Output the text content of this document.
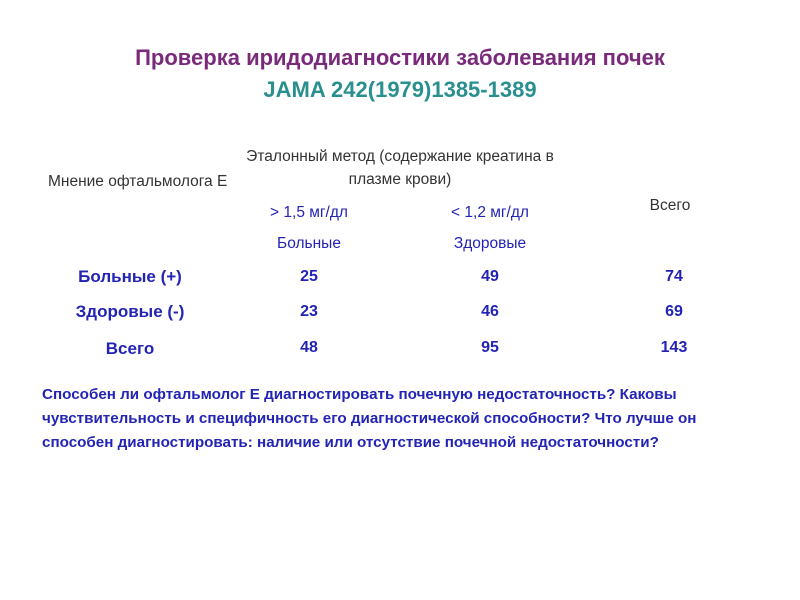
Проверка иридодиагностики заболевания почек
JAMA 242(1979)1385-1389
Мнение офтальмолога Е
Эталонный метод (содержание креатина в плазме крови)
Всего
> 1,5 мг/дл	< 1,2 мг/дл
Больные	Здоровые
Больные (+)	25	49	74
Здоровые (-)	23	46	69
Всего	48	95	143
Способен ли офтальмолог Е диагностировать почечную недостаточность? Каковы чувствительность и специфичность его диагностической способности? Что лучше он способен диагностировать: наличие или отсутствие почечной недостаточности?
